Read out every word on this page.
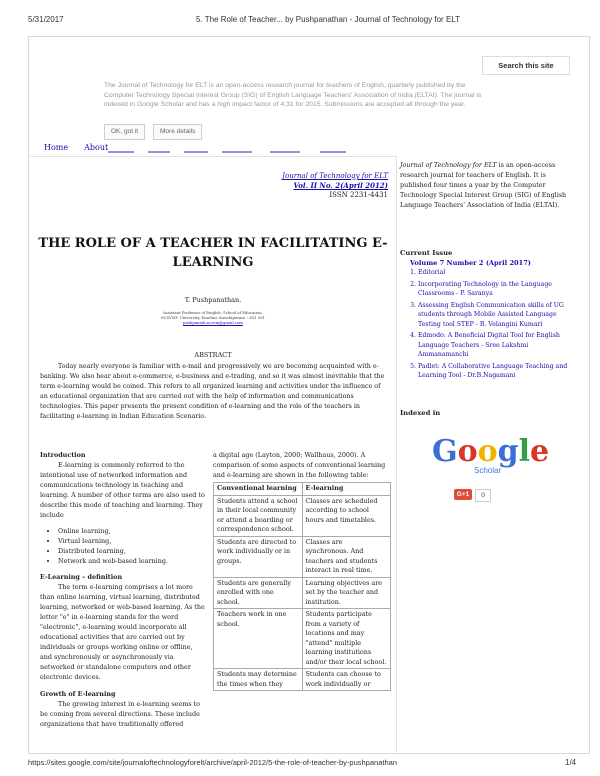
5/31/2017	5. The Role of Teacher... by Pushpanathan - Journal of Technology for ELT
https://sites.google.com/site/journaloftechnologyforelt/archive/april-2012/5-the-role-of-teacher-by-pushpanathan	1/4
Search this site
The Journal of Technology for ELT is an open-access research journal for teachers of English, quarterly published by the Computer Technology Special Interest Group (SIG) of English Language Teachers' Association of India (ELTAI). The journal is indexed in Google Scholar and has a high impact factor of 4.31 for 2015. Submissions are accepted all through the year.
OK, got it	More details
Home About
Journal of Technology for ELT
Vol. II No. 2(April 2012)
ISSN 2231-4431
THE ROLE OF A TEACHER IN FACILITATING E-LEARNING
T. Pushpanathan.
Assistant Professor of English, School of Education,
SCSVMV University, Enathur, Kanchipuram – 631 561
pushpanath.ncerm@gmail.com
ABSTRACT
Today nearly everyone is familiar with e-mail and progressively we are becoming acquainted with e-banking. We also hear about e-commerce, e-business and e-trading, and so it was almost inevitable that the term e-learning would be coined. This refers to all organized learning and activities under the influence of an educational organization that are carried out with the help of information and communications technologies. This paper presents the present condition of e-learning and the role of the teachers in facilitating e-learning in Indian Education Scenario.
Introduction
E-learning is commonly referred to the intentional use of networked information and communications technology in teaching and learning. A number of other terms are also used to describe this mode of teaching and learning. They include
• Online learning,
• Virtual learning,
• Distributed learning,
• Network and web-based learning.
E-Learning – definition
The term e-learning comprises a lot more than online learning, virtual learning, distributed learning, networked or web-based learning. As the letter "e" in e-learning stands for the word "electronic", e-learning would incorporate all educational activities that are carried out by individuals or groups working online or offline, and synchronously or asynchronously via networked or standalone computers and other electronic devices.
Growth of E-learning
The growing interest in e-learning seems to be coming from several directions. These include organizations that have traditionally offered
a digital age (Layton, 2000; Wallhaus, 2000). A comparison of some aspects of conventional learning and e-learning are shown in the following table:
Conventional learning	E-learning
Students attend a school in their local community or attend a boarding or correspondence school.	Classes are scheduled according to school hours and timetables.
Students are directed to work individually or in groups.	Classes are synchronous. And teachers and students interact in real time.
Students are generally enrolled with one school.	Learning objectives are set by the teacher and institution.
Teachers work in one school.	Students participate from a variety of locations and may "attend" multiple learning institutions and/or their local school.
Students may determine the times when they	Students can choose to work individually or
Journal of Technology for ELT is an open-access research journal for teachers of English. It is published four times a year by the Computer Technology Special Interest Group (SIG) of English Language Teachers' Association of India (ELTAI).
Current Issue
Volume 7 Number 2 (April 2017)
1. Editorial
2. Incorporating Technology in the Language Classrooms - P. Saranya
3. Assessing English Communication skills of UG students through Mobile Assisted Language Testing tool STEP - B. Velangini Kumari
4. Edmodo: A Beneficial Digital Tool for English Language Teachers - Sree Lakshmi Ammanamanchi
5. Padlet: A Collaborative Language Teaching and Learning Tool - Dr.B.Nagamani
Indexed in
Google
Scholar
G+1	0
